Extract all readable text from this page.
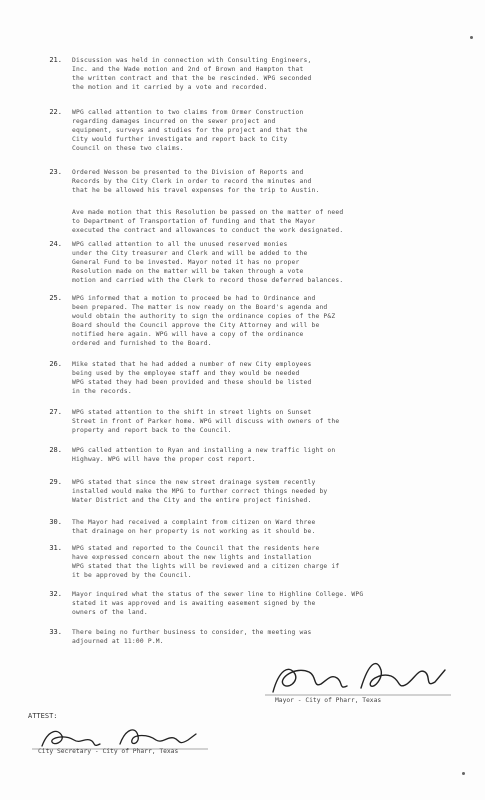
21. Discussion was held in connection with Consulting Engineers,
Inc. and the Wade motion and 2nd of Brown and Hampton that
the written contract and that the be rescinded. WPG seconded
the motion and it carried by a vote and recorded.
22. WPG called attention to two claims from Ormer Construction
regarding damages incurred on the sewer project and
equipment, surveys and studies for the project and that the
City would further investigate and report back to City
Council on these two claims.
23. Ordered Wesson be presented to the Division of Reports and
Records by the City Clerk in order to record the minutes and
that he be allowed his travel expenses for the trip to Austin.
Ave made motion that this Resolution be passed on the matter of need
to Department of Transportation of funding and that the Mayor
executed the contract and allowances to conduct the work designated.
24. WPG called attention to all the unused reserved monies
under the City treasurer and Clerk and will be added to the
General Fund to be invested. Mayor noted it has no proper
Resolution made on the matter will be taken through a vote
motion and carried with the Clerk to record those deferred balances.
25. WPG informed that a motion to proceed be had to Ordinance and
been prepared. The matter is now ready on the Board's agenda and
would obtain the authority to sign the ordinance copies of the P&Z
Board should the Council approve the City Attorney and will be
notified here again. WPG will have a copy of the ordinance
ordered and furnished to the Board.
26. Mike stated that he had added a number of new City employees
being used by the employee staff and they would be needed
WPG stated they had been provided and these should be listed
in the records.
27. WPG stated attention to the shift in street lights on Sunset
Street in front of Parker home. WPG will discuss with owners of the
property and report back to the Council.
28. WPG called attention to Ryan and installing a new traffic light on
Highway. WPG will have the proper cost report.
29. WPG stated that since the new street drainage system recently
installed would make the MPG to further correct things needed by
Water District and the City and the entire project finished.
30. The Mayor had received a complaint from citizen on Ward three
that drainage on her property is not working as it should be.
31. WPG stated and reported to the Council that the residents here
have expressed concern about the new lights and installation
WPG stated that the lights will be reviewed and a citizen charge if
it be approved by the Council.
32. Mayor inquired what the status of the sewer line to Highline College. WPG
stated it was approved and is awaiting easement signed by the
owners of the land.
33. There being no further business to consider, the meeting was
adjourned at 11:00 P.M.
Mayor - City of Pharr, Texas
ATTEST:
City Secretary - City of Pharr, Texas
